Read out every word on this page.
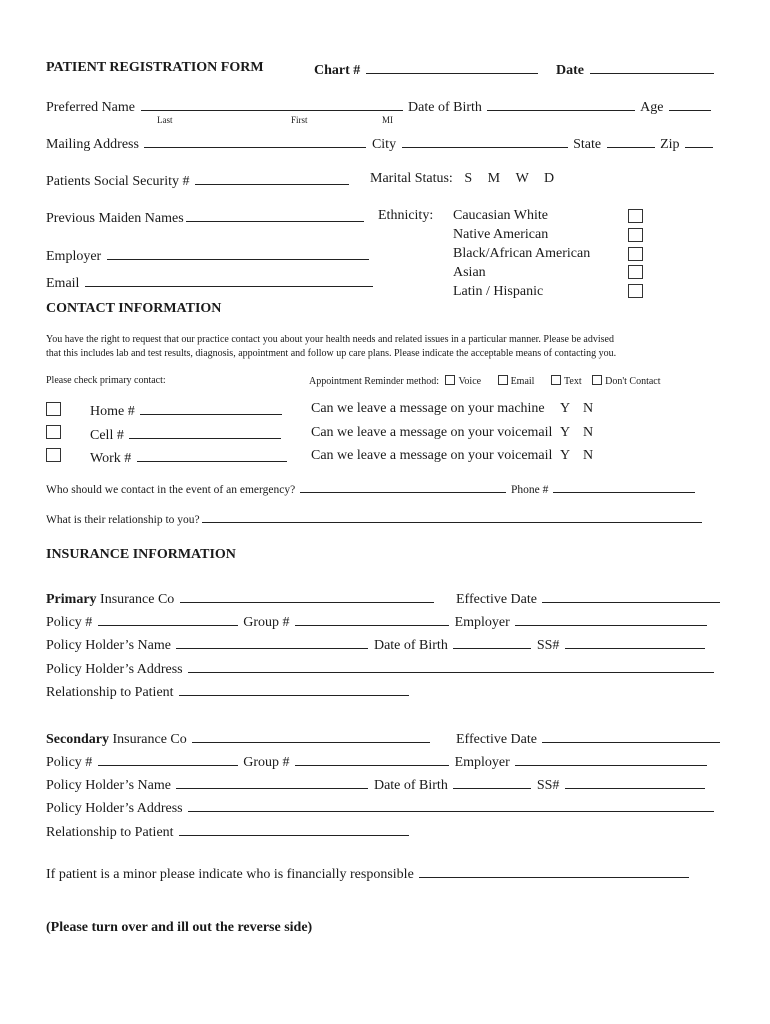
PATIENT REGISTRATION FORM	Chart #	Date
Preferred Name	Date of Birth	Age
Last	First	MI
Mailing Address	City	State	Zip
Patients Social Security #	Marital Status: S M W D
Previous Maiden Names	Ethnicity: Caucasian White
Native American
Black/African American
Asian
Latin / Hispanic
Employer
Email
CONTACT INFORMATION
You have the right to request that our practice contact you about your health needs and related issues in a particular manner. Please be advised
that this includes lab and test results, diagnosis, appointment and follow up care plans. Please indicate the acceptable means of contacting you.
Please check primary contact:	Appointment Reminder method: Voice	Email	Text Don't Contact
Home #	Can we leave a message on your machine Y N
Cell #	Can we leave a message on your voicemail Y N
Work #	Can we leave a message on your voicemail Y N
Who should we contact in the event of an emergency?	Phone #
What is their relationship to you?
INSURANCE INFORMATION
Primary Insurance Co	Effective Date
Policy #	Group #	Employer
Policy Holder’s Name	Date of Birth	SS#
Policy Holder’s Address
Relationship to Patient
Secondary Insurance Co	Effective Date
Policy #	Group #	Employer
Policy Holder’s Name	Date of Birth	SS#
Policy Holder’s Address
Relationship to Patient
If patient is a minor please indicate who is financially responsible
(Please turn over and ill out the reverse side)
